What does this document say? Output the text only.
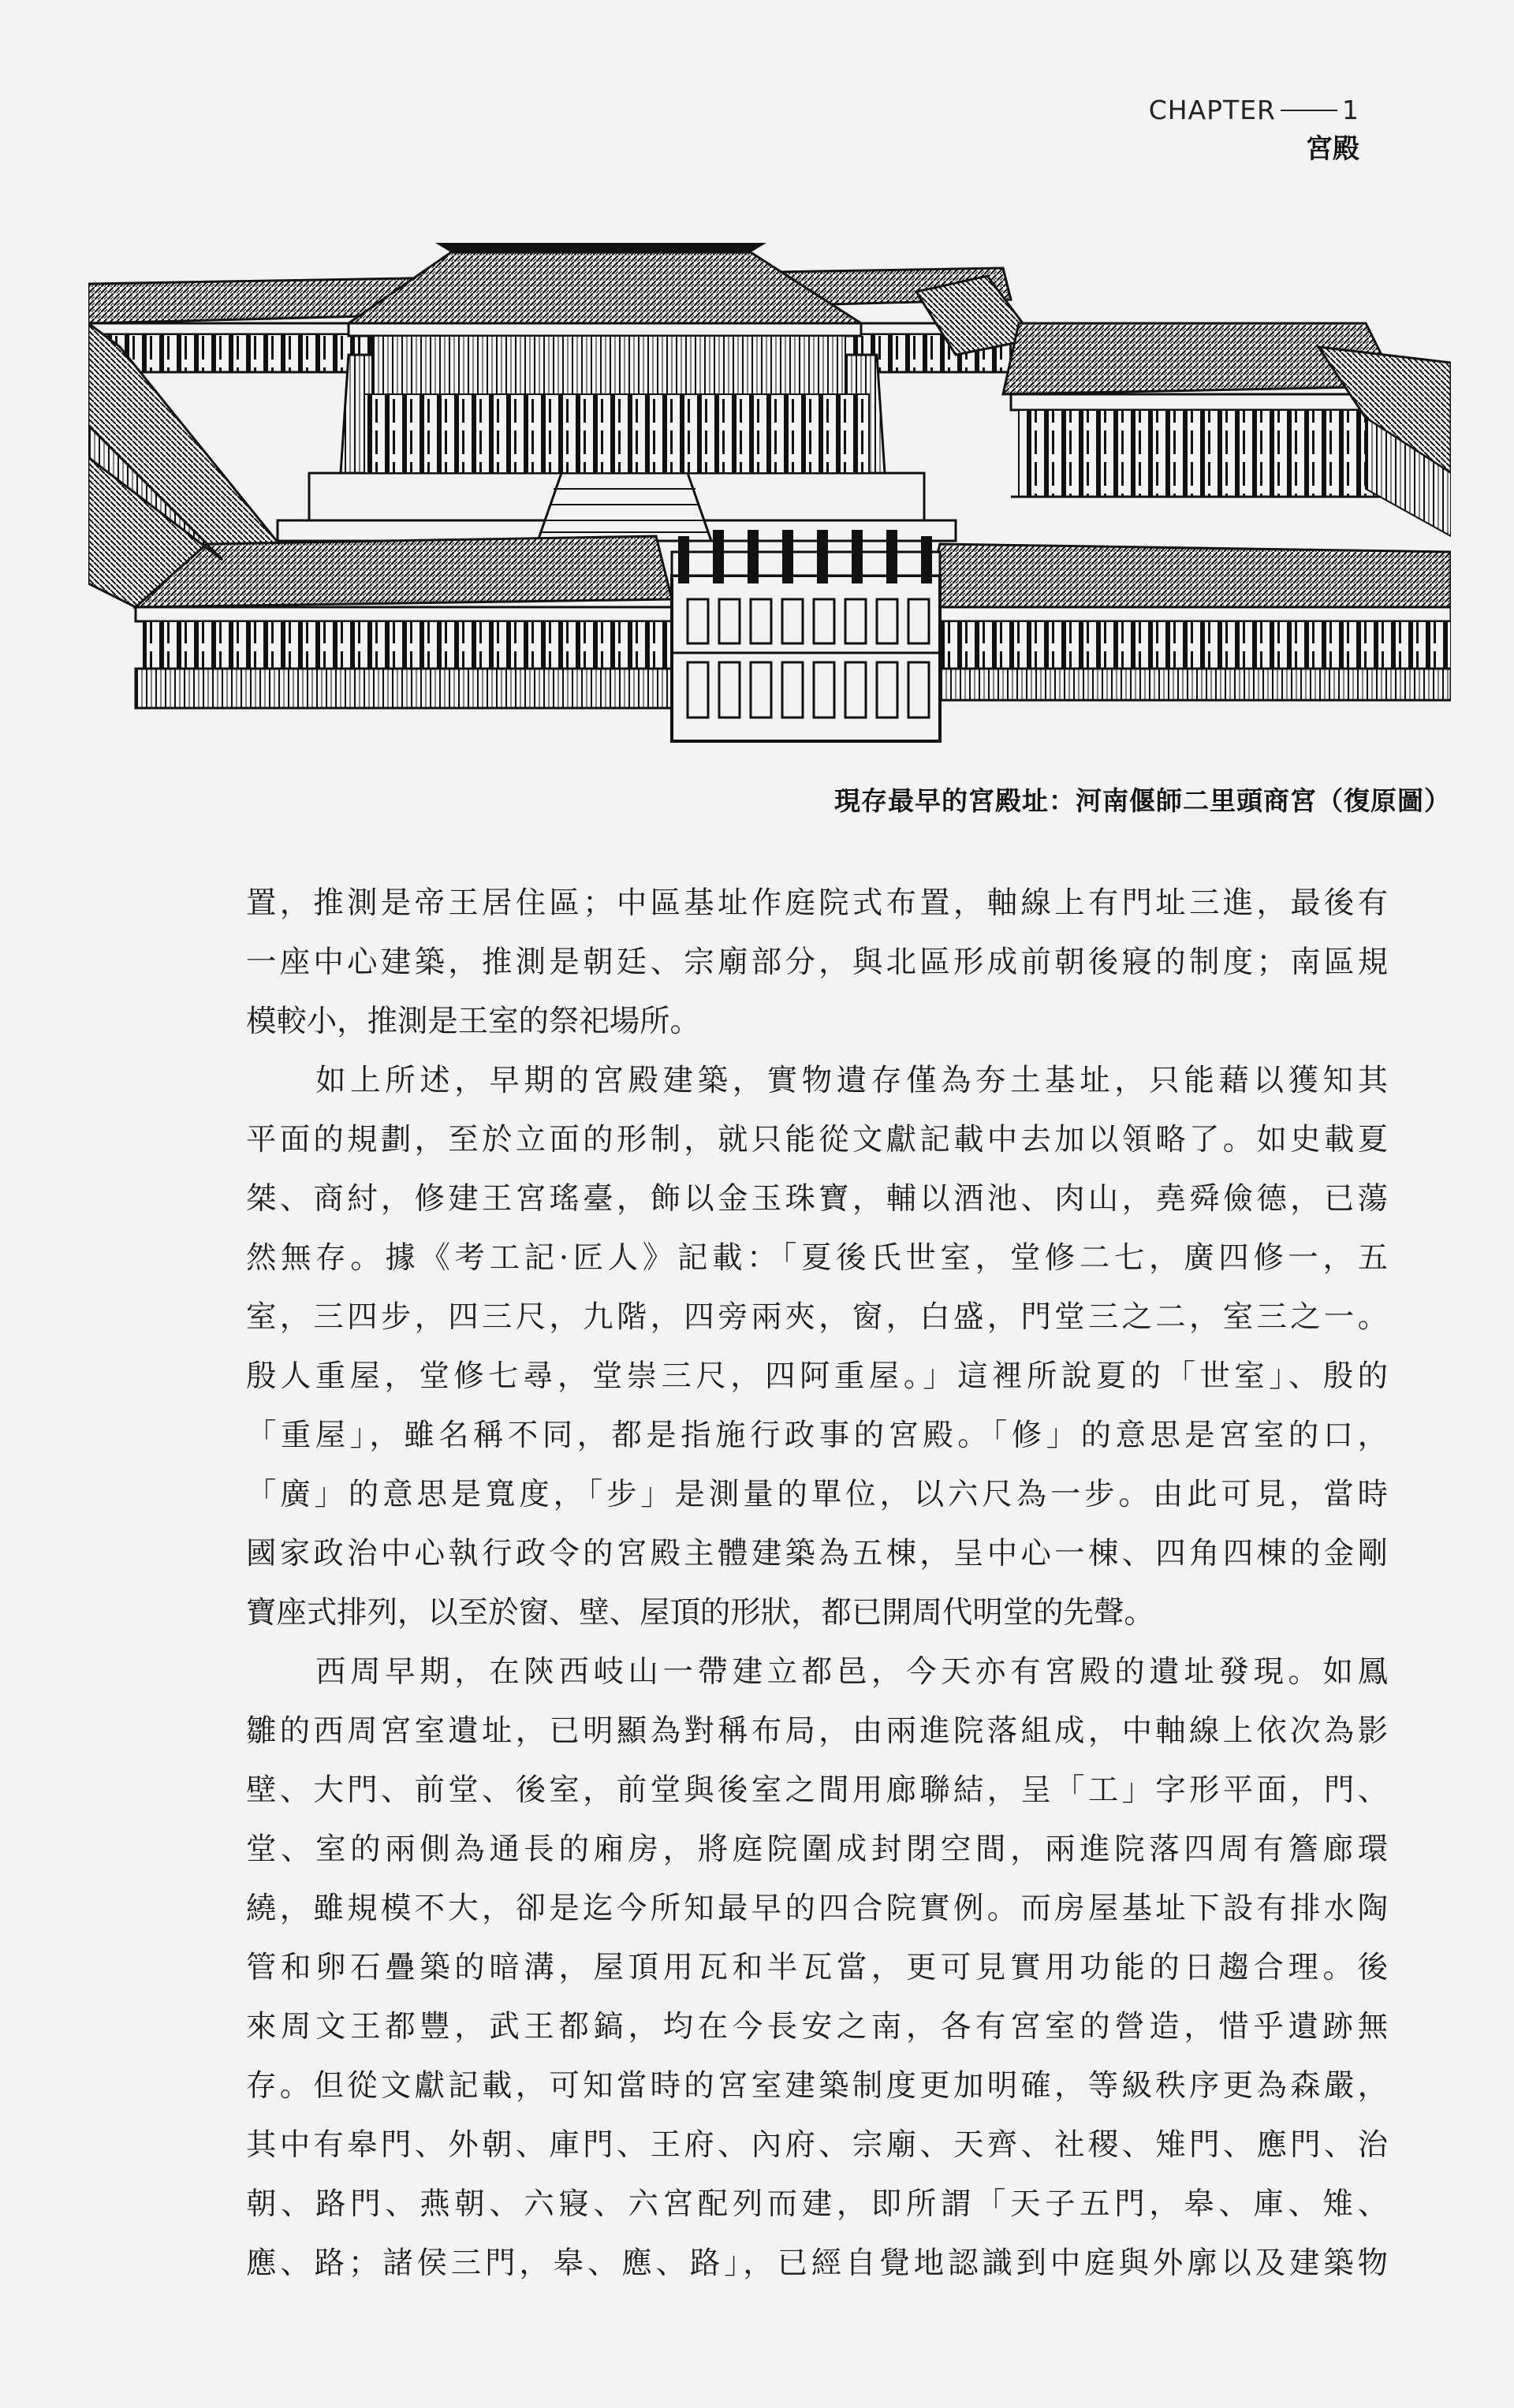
CHAPTER	1
宮殿
現存最早的宮殿址：河南偃師二里頭商宮（復原圖）
置，推測是帝王居住區；中區基址作庭院式布置，軸線上有門址三進，最後有
一座中心建築，推測是朝廷、宗廟部分，與北區形成前朝後寢的制度；南區規
模較小，推測是王室的祭祀場所。
　　如上所述，早期的宮殿建築，實物遺存僅為夯土基址，只能藉以獲知其
平面的規劃，至於立面的形制，就只能從文獻記載中去加以領略了。如史載夏
桀、商紂，修建王宮瑤臺，飾以金玉珠寶，輔以酒池、肉山，堯舜儉德，已蕩
然無存。據《考工記·匠人》記載：「夏後氏世室，堂修二七，廣四修一，五
室，三四步，四三尺，九階，四旁兩夾，窗，白盛，門堂三之二，室三之一。
殷人重屋，堂修七尋，堂崇三尺，四阿重屋。」這裡所說夏的「世室」、殷的
「重屋」，雖名稱不同，都是指施行政事的宮殿。「修」的意思是宮室的口，
「廣」的意思是寬度，「步」是測量的單位，以六尺為一步。由此可見，當時
國家政治中心執行政令的宮殿主體建築為五棟，呈中心一棟、四角四棟的金剛
寶座式排列，以至於窗、壁、屋頂的形狀，都已開周代明堂的先聲。
　　西周早期，在陝西岐山一帶建立都邑，今天亦有宮殿的遺址發現。如鳳
雛的西周宮室遺址，已明顯為對稱布局，由兩進院落組成，中軸線上依次為影
壁、大門、前堂、後室，前堂與後室之間用廊聯結，呈「工」字形平面，門、
堂、室的兩側為通長的廂房，將庭院圍成封閉空間，兩進院落四周有簷廊環
繞，雖規模不大，卻是迄今所知最早的四合院實例。而房屋基址下設有排水陶
管和卵石疊築的暗溝，屋頂用瓦和半瓦當，更可見實用功能的日趨合理。後
來周文王都豐，武王都鎬，均在今長安之南，各有宮室的營造，惜乎遺跡無
存。但從文獻記載，可知當時的宮室建築制度更加明確，等級秩序更為森嚴，
其中有皋門、外朝、庫門、王府、內府、宗廟、天齊、社稷、雉門、應門、治
朝、路門、燕朝、六寢、六宮配列而建，即所謂「天子五門，皋、庫、雉、
應、路；諸侯三門，皋、應、路」，已經自覺地認識到中庭與外廓以及建築物
